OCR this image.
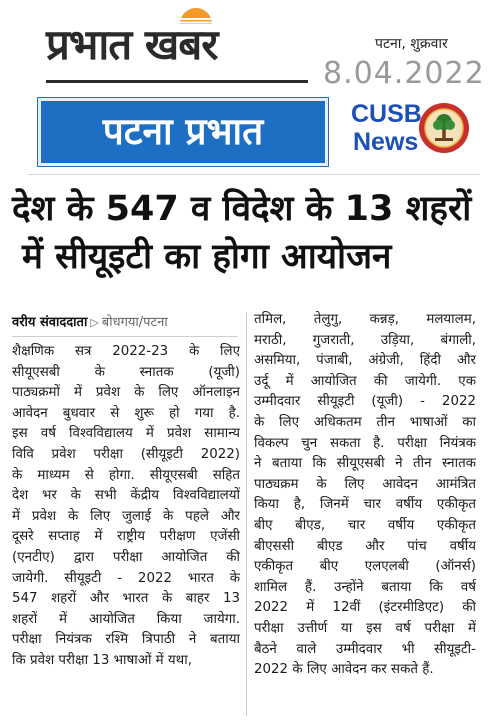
प्रभात खबर	पटना, शुक्रवार
8.04.2022
पटना प्रभात	CUSB
News
देश के 547 व विदेश के 13 शहरों
में सीयूइटी का होगा आयोजन
वरीय संवाददाता ▷ बोधगया/पटना
शैक्षणिक सत्र 2022-23 के लिए
सीयूएसबी के स्नातक (यूजी)
पाठ्यक्रमों में प्रवेश के लिए ऑनलाइन
आवेदन बुधवार से शुरू हो गया है.
इस वर्ष विश्वविद्यालय में प्रवेश सामान्य
विवि प्रवेश परीक्षा (सीयूइटी 2022)
के माध्यम से होगा. सीयूएसबी सहित
देश भर के सभी केंद्रीय विश्वविद्यालयों
में प्रवेश के लिए जुलाई के पहले और
दूसरे सप्ताह में राष्ट्रीय परीक्षण एजेंसी
(एनटीए) द्वारा परीक्षा आयोजित की
जायेगी. सीयूइटी - 2022 भारत के
547 शहरों और भारत के बाहर 13
शहरों में आयोजित किया जायेगा.
परीक्षा नियंत्रक रश्मि त्रिपाठी ने बताया
कि प्रवेश परीक्षा 13 भाषाओं में यथा,
तमिल, तेलुगु, कन्नड़, मलयालम,
मराठी, गुजराती, उड़िया, बंगाली,
असमिया, पंजाबी, अंग्रेजी, हिंदी और
उर्दू में आयोजित की जायेगी. एक
उम्मीदवार सीयूइटी (यूजी) - 2022
के लिए अधिकतम तीन भाषाओं का
विकल्प चुन सकता है. परीक्षा नियंत्रक
ने बताया कि सीयूएसबी ने तीन स्नातक
पाठ्यक्रम के लिए आवेदन आमंत्रित
किया है, जिनमें चार वर्षीय एकीकृत
बीए बीएड, चार वर्षीय एकीकृत
बीएससी बीएड और पांच वर्षीय
एकीकृत बीए एलएलबी (ऑनर्स)
शामिल हैं. उन्होंने बताया कि वर्ष
2022 में 12वीं (इंटरमीडिएट) की
परीक्षा उत्तीर्ण या इस वर्ष परीक्षा में
बैठने वाले उम्मीदवार भी सीयूइटी-
2022 के लिए आवेदन कर सकते हैं.
